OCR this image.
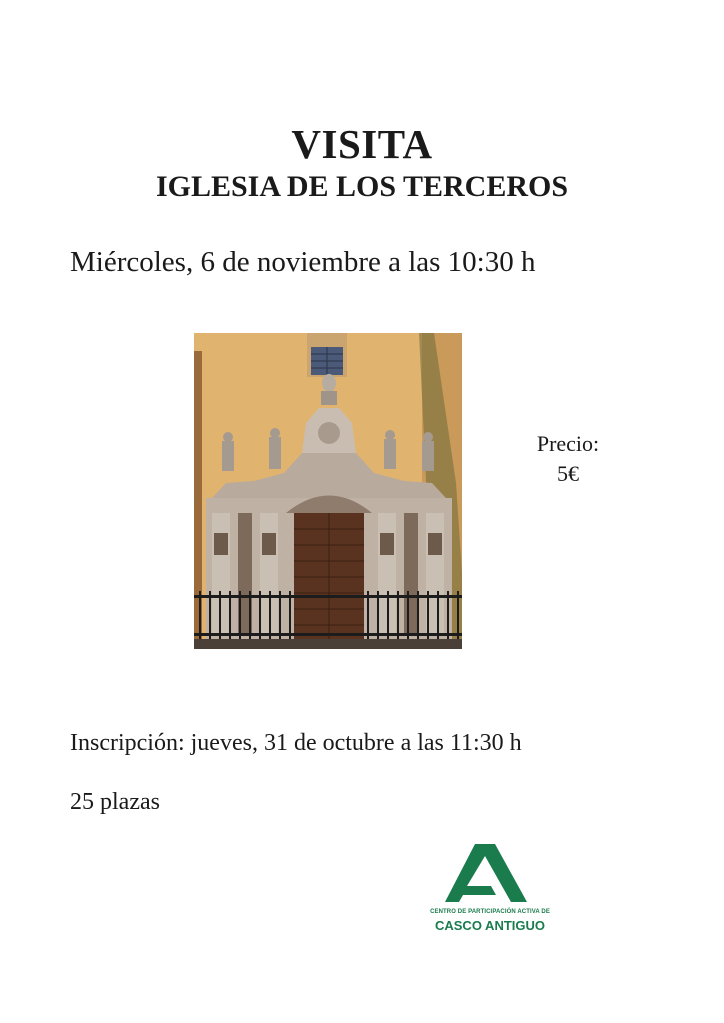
VISITA
IGLESIA DE LOS TERCEROS
Miércoles, 6 de noviembre a las 10:30 h
Precio:
5€
Inscripción: jueves, 31 de octubre a las 11:30 h
25 plazas
CENTRO DE PARTICIPACIÓN ACTIVA DE
CASCO ANTIGUO
